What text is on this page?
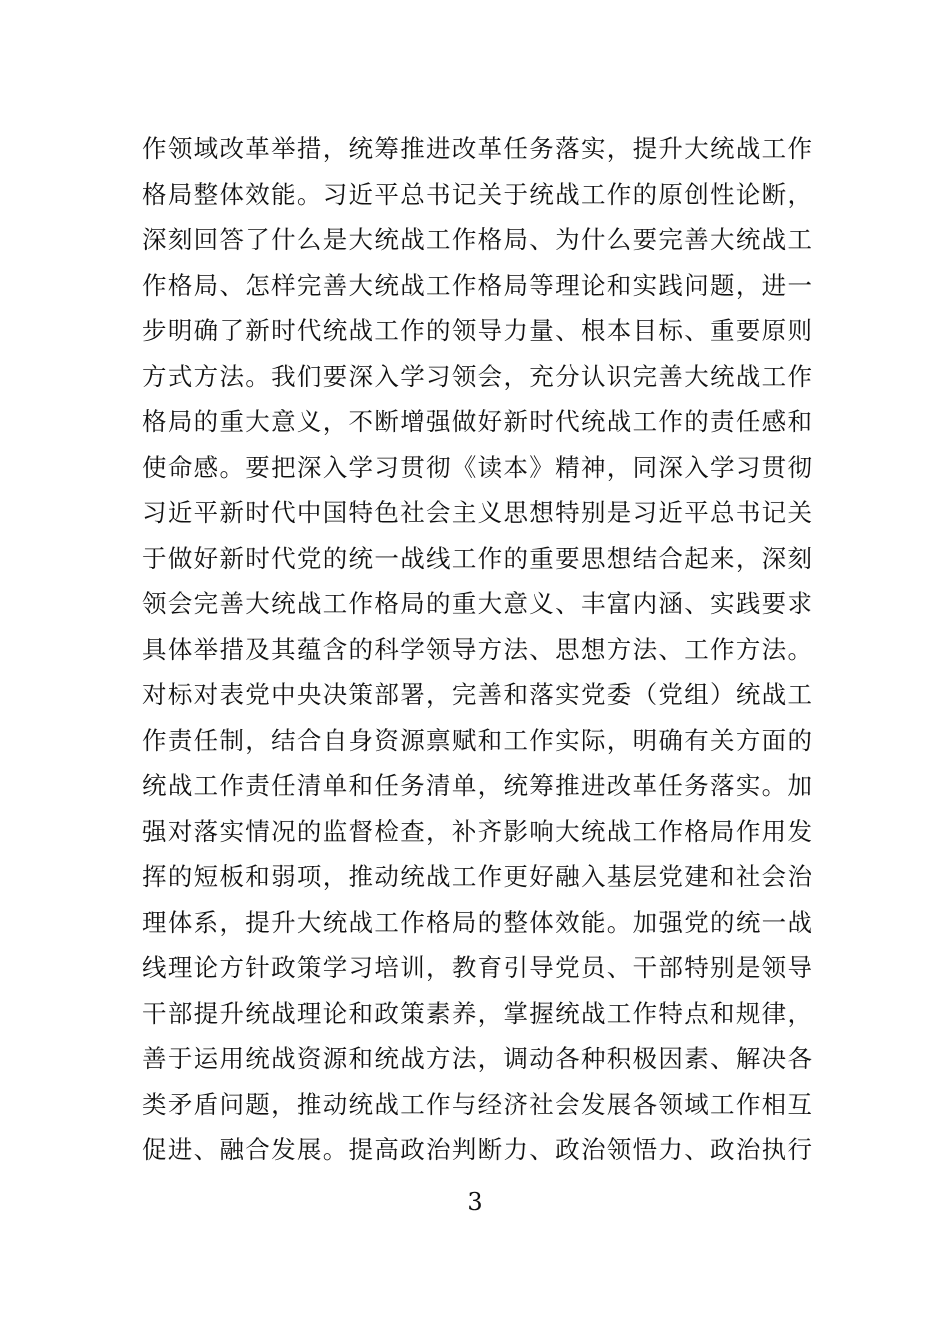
作领域改革举措，统筹推进改革任务落实，提升大统战工作
格局整体效能。习近平总书记关于统战工作的原创性论断，
深刻回答了什么是大统战工作格局、为什么要完善大统战工
作格局、怎样完善大统战工作格局等理论和实践问题，进一
步明确了新时代统战工作的领导力量、根本目标、重要原则
方式方法。我们要深入学习领会，充分认识完善大统战工作
格局的重大意义，不断增强做好新时代统战工作的责任感和
使命感。要把深入学习贯彻《读本》精神，同深入学习贯彻
习近平新时代中国特色社会主义思想特别是习近平总书记关
于做好新时代党的统一战线工作的重要思想结合起来，深刻
领会完善大统战工作格局的重大意义、丰富内涵、实践要求
具体举措及其蕴含的科学领导方法、思想方法、工作方法。
对标对表党中央决策部署，完善和落实党委（党组）统战工
作责任制，结合自身资源禀赋和工作实际，明确有关方面的
统战工作责任清单和任务清单，统筹推进改革任务落实。加
强对落实情况的监督检查，补齐影响大统战工作格局作用发
挥的短板和弱项，推动统战工作更好融入基层党建和社会治
理体系，提升大统战工作格局的整体效能。加强党的统一战
线理论方针政策学习培训，教育引导党员、干部特别是领导
干部提升统战理论和政策素养，掌握统战工作特点和规律，
善于运用统战资源和统战方法，调动各种积极因素、解决各
类矛盾问题，推动统战工作与经济社会发展各领域工作相互
促进、融合发展。提高政治判断力、政治领悟力、政治执行
3
